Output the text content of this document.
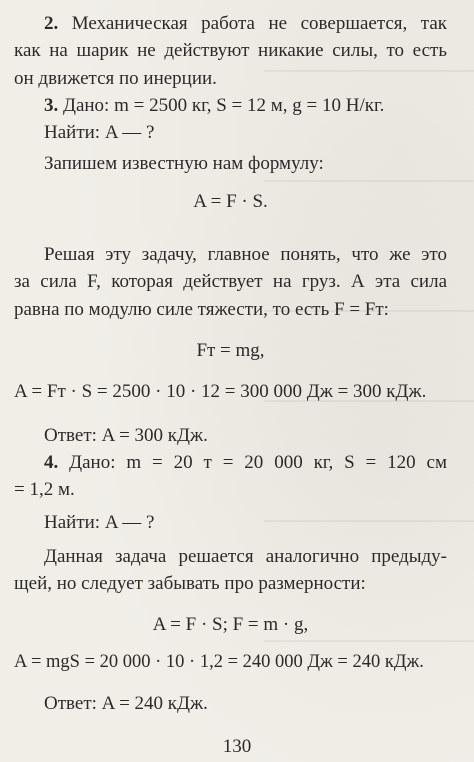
2. Механическая работа не совершается, так

как на шарик не действуют никакие силы, то есть

он движется по инерции.

3. Дано: m = 2500 кг, S = 12 м, g = 10 Н/кг.

Найти: A — ?

Запишем известную нам формулу:

A = F · S.

Решая эту задачу, главное понять, что же это

за сила F, которая действует на груз. А эта сила

равна по модулю силе тяжести, то есть F = Fт:

Fт = mg,

A = Fт · S = 2500 · 10 · 12 = 300 000 Дж = 300 кДж.

Ответ: A = 300 кДж.

4. Дано: m = 20 т = 20 000 кг, S = 120 см

= 1,2 м.

Найти: A — ?

Данная задача решается аналогично предыду-

щей, но следует забывать про размерности:

A = F · S; F = m · g,

A = mgS = 20 000 · 10 · 1,2 = 240 000 Дж = 240 кДж.

Ответ: A = 240 кДж.

130
